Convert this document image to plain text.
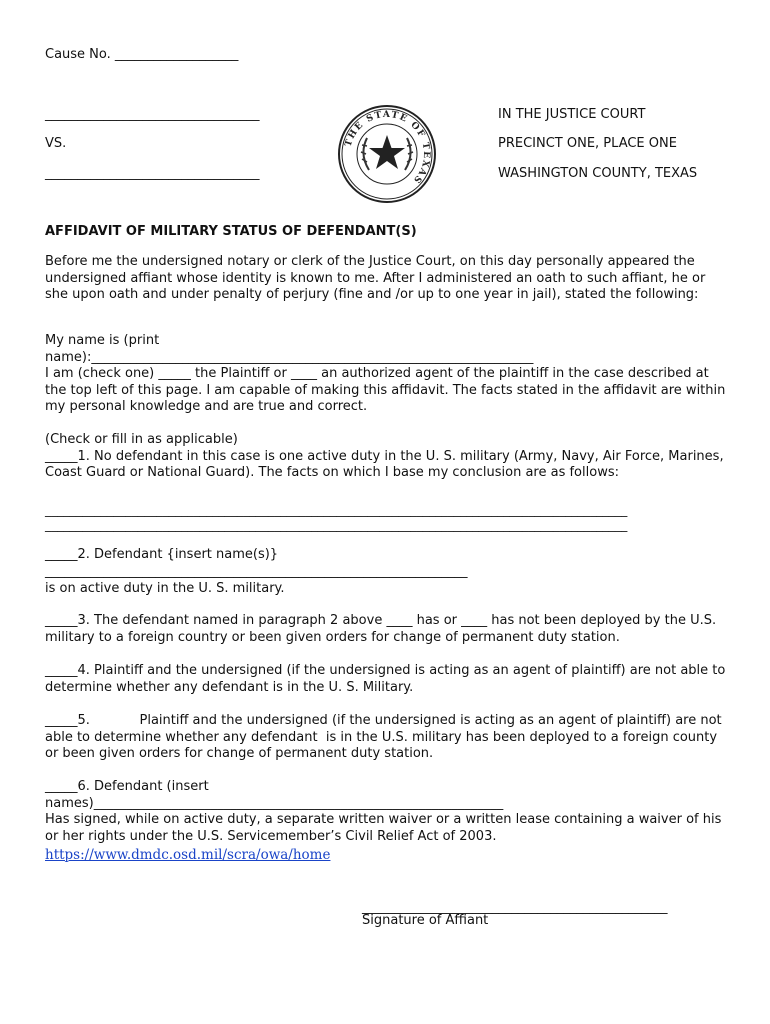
Cause No. ___________________

_________________________________

VS.

_________________________________

THE STATE OF TEXAS

IN THE JUSTICE COURT

PRECINCT ONE, PLACE ONE

WASHINGTON COUNTY, TEXAS

AFFIDAVIT OF MILITARY STATUS OF DEFENDANT(S)

Before me the undersigned notary or clerk of the Justice Court, on this day personally appeared the undersigned affiant whose identity is known to me. After I administered an oath to such affiant, he or she upon oath and under penalty of perjury (fine and /or up to one year in jail), stated the following:

My name is (print
name):____________________________________________________________________
I am (check one) _____ the Plaintiff or ____ an authorized agent of the plaintiff in the case described at the top left of this page. I am capable of making this affidavit. The facts stated in the affidavit are within my personal knowledge and are true and correct.
(Check or fill in as applicable)
_____1. No defendant in this case is one active duty in the U. S. military (Army, Navy, Air Force, Marines, Coast Guard or National Guard). The facts on which I base my conclusion are as follows:

______________________________________________________________________________________________

______________________________________________________________________________________________

_____2. Defendant {insert name(s)}

_________________________________________________________________

is on active duty in the U. S. military.

_____3. The defendant named in paragraph 2 above ____ has or ____ has not been deployed by the U.S. military to a foreign country or been given orders for change of permanent duty station.

_____4. Plaintiff and the undersigned (if the undersigned is acting as an agent of plaintiff) are not able to determine whether any defendant is in the U. S. Military.

_____5.            Plaintiff and the undersigned (if the undersigned is acting as an agent of plaintiff) are not able to determine whether any defendant  is in the U.S. military has been deployed to a foreign county or been given orders for change of permanent duty station.

_____6. Defendant (insert
names)_______________________________________________________________
Has signed, while on active duty, a separate written waiver or a written lease containing a waiver of his or her rights under the U.S. Servicemember’s Civil Relief Act of 2003.
https://www.dmdc.osd.mil/scra/owa/home

_______________________________________________

Signature of Affiant
